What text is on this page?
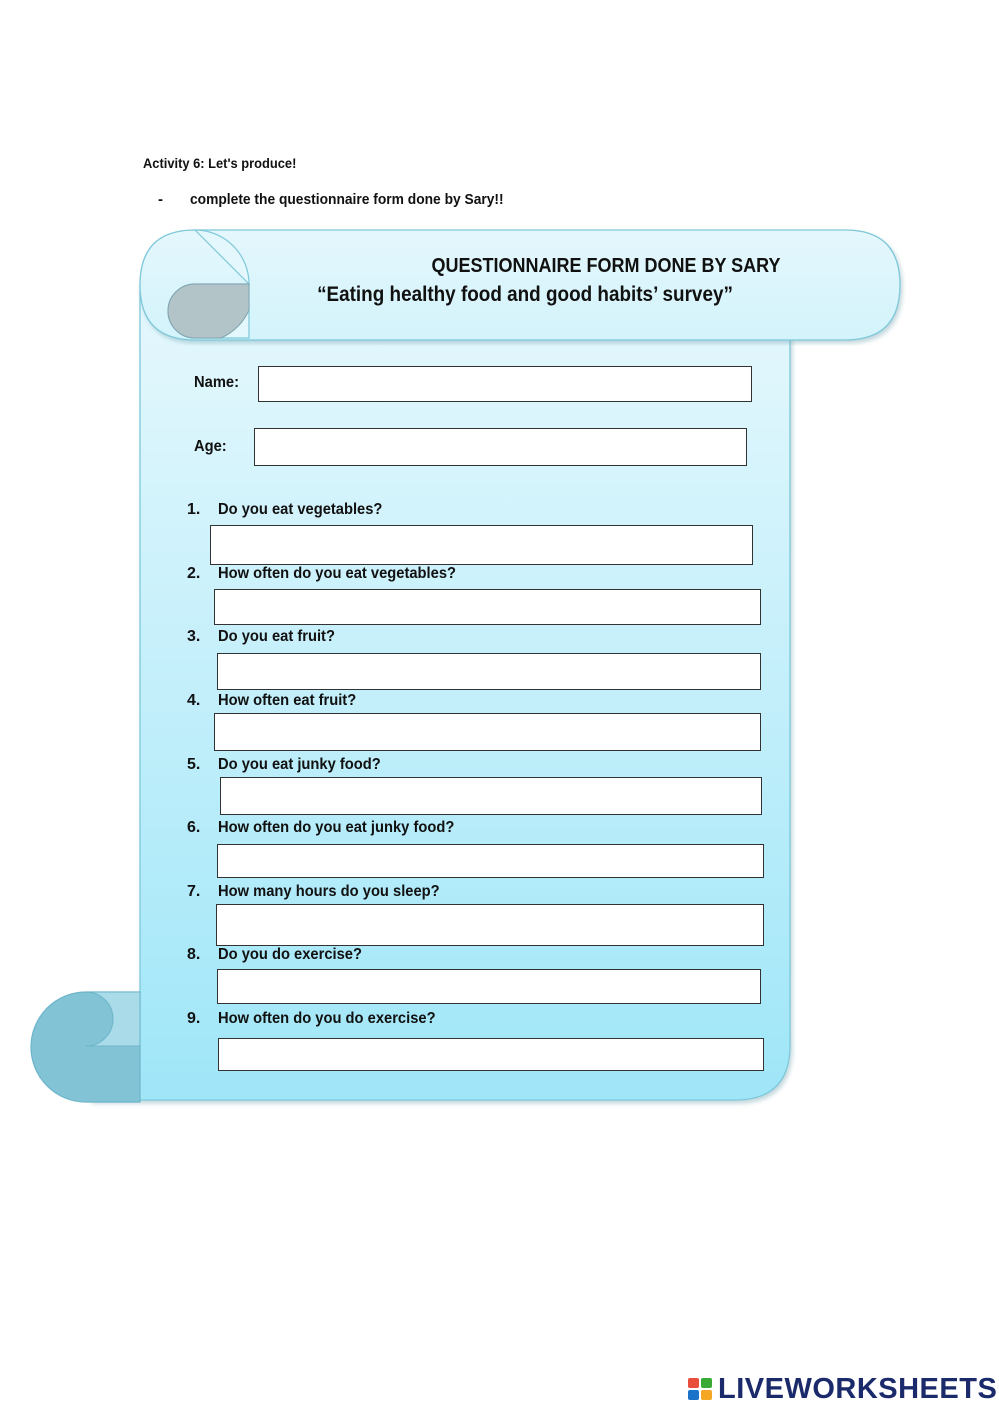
Activity 6: Let's produce!
- complete the questionnaire form done by Sary!!
QUESTIONNAIRE FORM DONE BY SARY
“Eating healthy food and good habits’ survey”
Name:
Age:
1. Do you eat vegetables?
2. How often do you eat vegetables?
3. Do you eat fruit?
4. How often eat fruit?
5. Do you eat junky food?
6. How often do you eat junky food?
7. How many hours do you sleep?
8. Do you do exercise?
9. How often do you do exercise?
LIVEWORKSHEETS
